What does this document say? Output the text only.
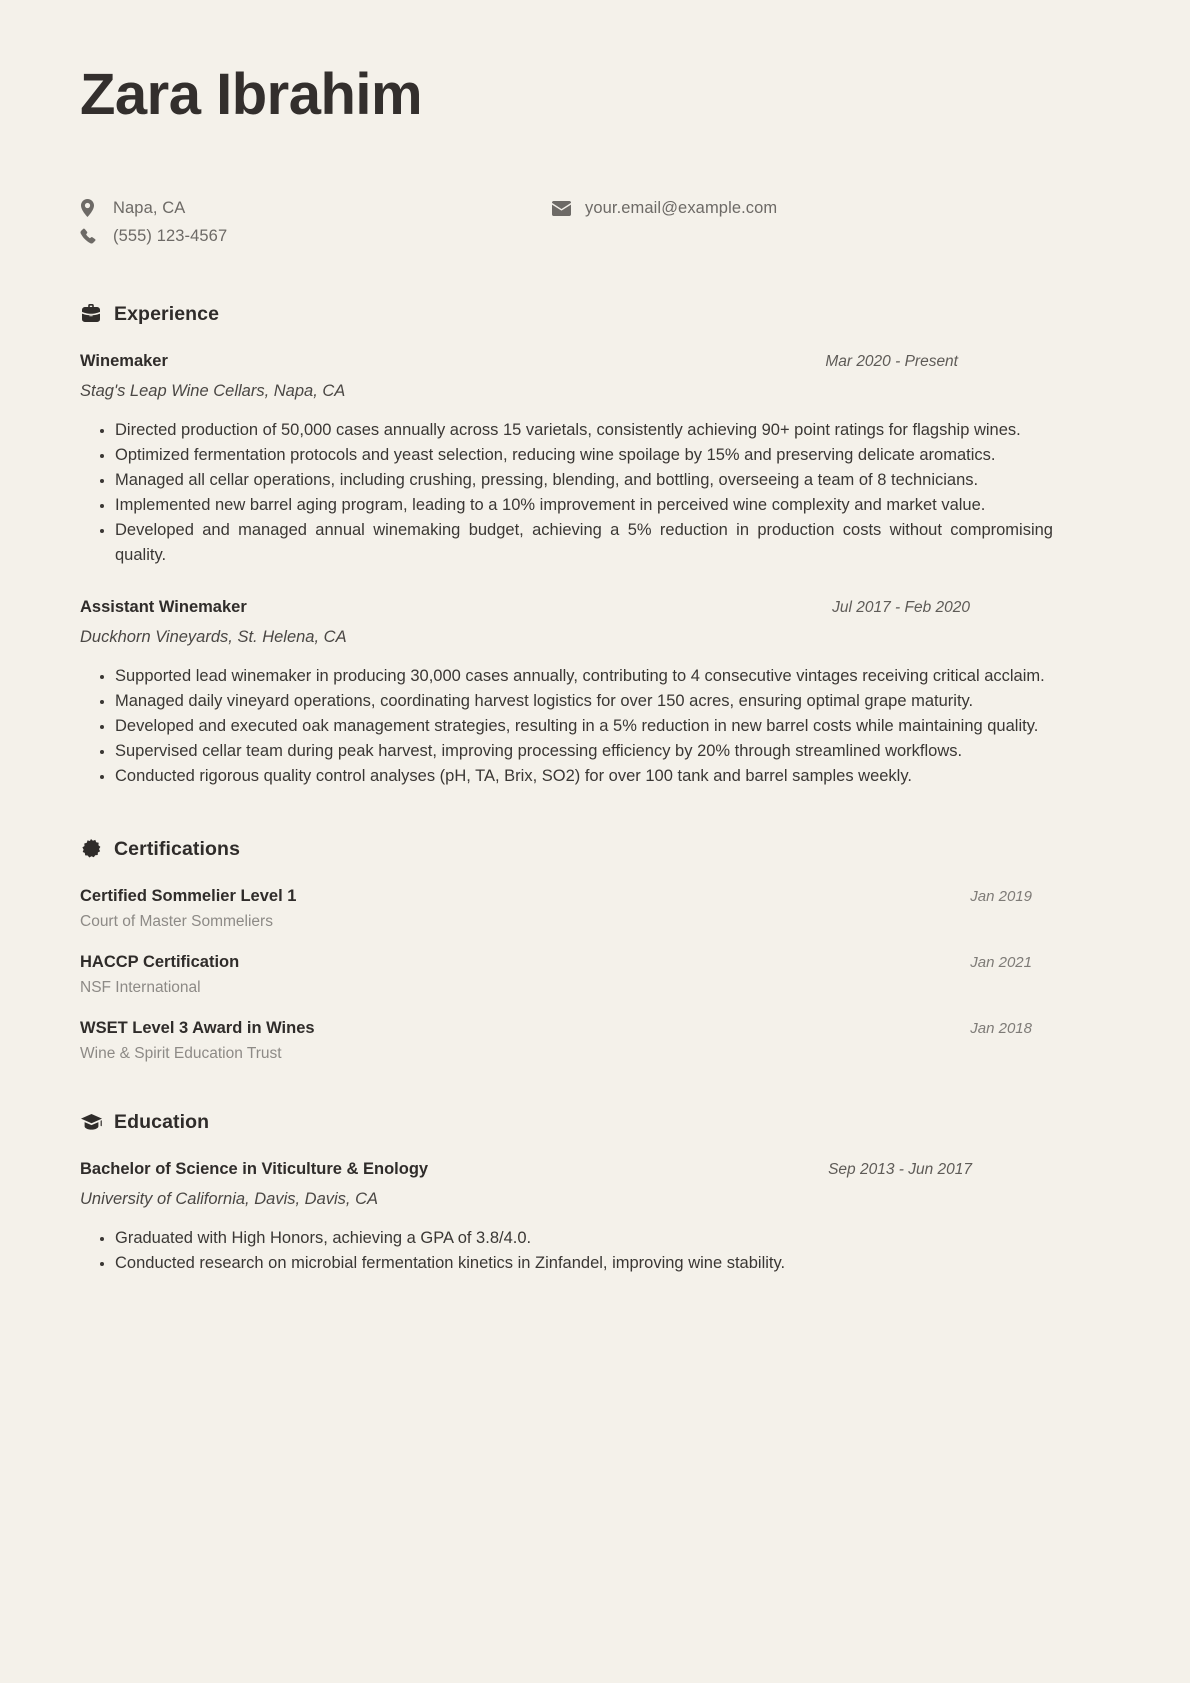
Zara Ibrahim
Napa, CA
(555) 123-4567
your.email@example.com
Experience
Winemaker	Mar 2020 - Present
Stag's Leap Wine Cellars, Napa, CA
Directed production of 50,000 cases annually across 15 varietals, consistently achieving 90+ point ratings for flagship wines.
Optimized fermentation protocols and yeast selection, reducing wine spoilage by 15% and preserving delicate aromatics.
Managed all cellar operations, including crushing, pressing, blending, and bottling, overseeing a team of 8 technicians.
Implemented new barrel aging program, leading to a 10% improvement in perceived wine complexity and market value.
Developed and managed annual winemaking budget, achieving a 5% reduction in production costs without compromising quality.
Assistant Winemaker	Jul 2017 - Feb 2020
Duckhorn Vineyards, St. Helena, CA
Supported lead winemaker in producing 30,000 cases annually, contributing to 4 consecutive vintages receiving critical acclaim.
Managed daily vineyard operations, coordinating harvest logistics for over 150 acres, ensuring optimal grape maturity.
Developed and executed oak management strategies, resulting in a 5% reduction in new barrel costs while maintaining quality.
Supervised cellar team during peak harvest, improving processing efficiency by 20% through streamlined workflows.
Conducted rigorous quality control analyses (pH, TA, Brix, SO2) for over 100 tank and barrel samples weekly.
Certifications
Certified Sommelier Level 1	Jan 2019
Court of Master Sommeliers
HACCP Certification	Jan 2021
NSF International
WSET Level 3 Award in Wines	Jan 2018
Wine & Spirit Education Trust
Education
Bachelor of Science in Viticulture & Enology	Sep 2013 - Jun 2017
University of California, Davis, Davis, CA
Graduated with High Honors, achieving a GPA of 3.8/4.0.
Conducted research on microbial fermentation kinetics in Zinfandel, improving wine stability.
